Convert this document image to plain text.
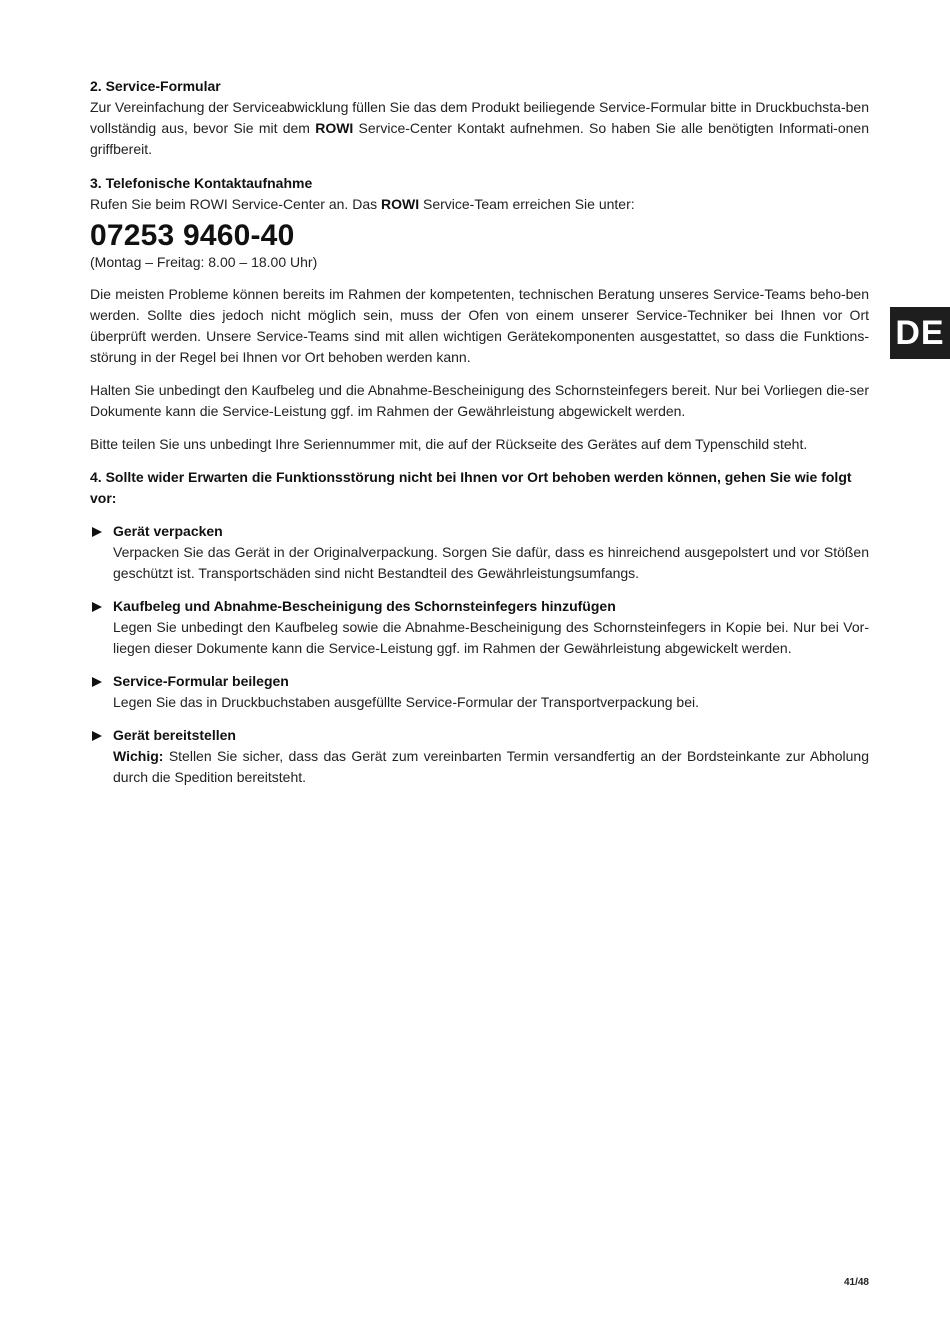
2. Service-Formular

Zur Vereinfachung der Serviceabwicklung füllen Sie das dem Produkt beiliegende Service-Formular bitte in Druckbuchsta-ben vollständig aus, bevor Sie mit dem ROWI Service-Center Kontakt aufnehmen. So haben Sie alle benötigten Informati-onen griffbereit.

3. Telefonische Kontaktaufnahme

Rufen Sie beim ROWI Service-Center an. Das ROWI Service-Team erreichen Sie unter:

07253 9460-40
(Montag – Freitag: 8.00 – 18.00 Uhr)

Die meisten Probleme können bereits im Rahmen der kompetenten, technischen Beratung unseres Service-Teams beho-ben werden. Sollte dies jedoch nicht möglich sein, muss der Ofen von einem unserer Service-Techniker bei Ihnen vor Ort überprüft werden. Unsere Service-Teams sind mit allen wichtigen Gerätekomponenten ausgestattet, so dass die Funktions-störung in der Regel bei Ihnen vor Ort behoben werden kann.

Halten Sie unbedingt den Kaufbeleg und die Abnahme-Bescheinigung des Schornsteinfegers bereit. Nur bei Vorliegen die-ser Dokumente kann die Service-Leistung ggf. im Rahmen der Gewährleistung abgewickelt werden.

Bitte teilen Sie uns unbedingt Ihre Seriennummer mit, die auf der Rückseite des Gerätes auf dem Typenschild steht.

4. Sollte wider Erwarten die Funktionsstörung nicht bei Ihnen vor Ort behoben werden können, gehen Sie wie folgt vor:
Gerät verpacken

Verpacken Sie das Gerät in der Originalverpackung. Sorgen Sie dafür, dass es hinreichend ausgepolstert und vor Stößen geschützt ist. Transportschäden sind nicht Bestandteil des Gewährleistungsumfangs.

Kaufbeleg und Abnahme-Bescheinigung des Schornsteinfegers hinzufügen

Legen Sie unbedingt den Kaufbeleg sowie die Abnahme-Bescheinigung des Schornsteinfegers in Kopie bei. Nur bei Vor-liegen dieser Dokumente kann die Service-Leistung ggf. im Rahmen der Gewährleistung abgewickelt werden.

Service-Formular beilegen

Legen Sie das in Druckbuchstaben ausgefüllte Service-Formular der Transportverpackung bei.

Gerät bereitstellen

Wichig: Stellen Sie sicher, dass das Gerät zum vereinbarten Termin versandfertig an der Bordsteinkante zur Abholung durch die Spedition bereitsteht.

DE
41/48
